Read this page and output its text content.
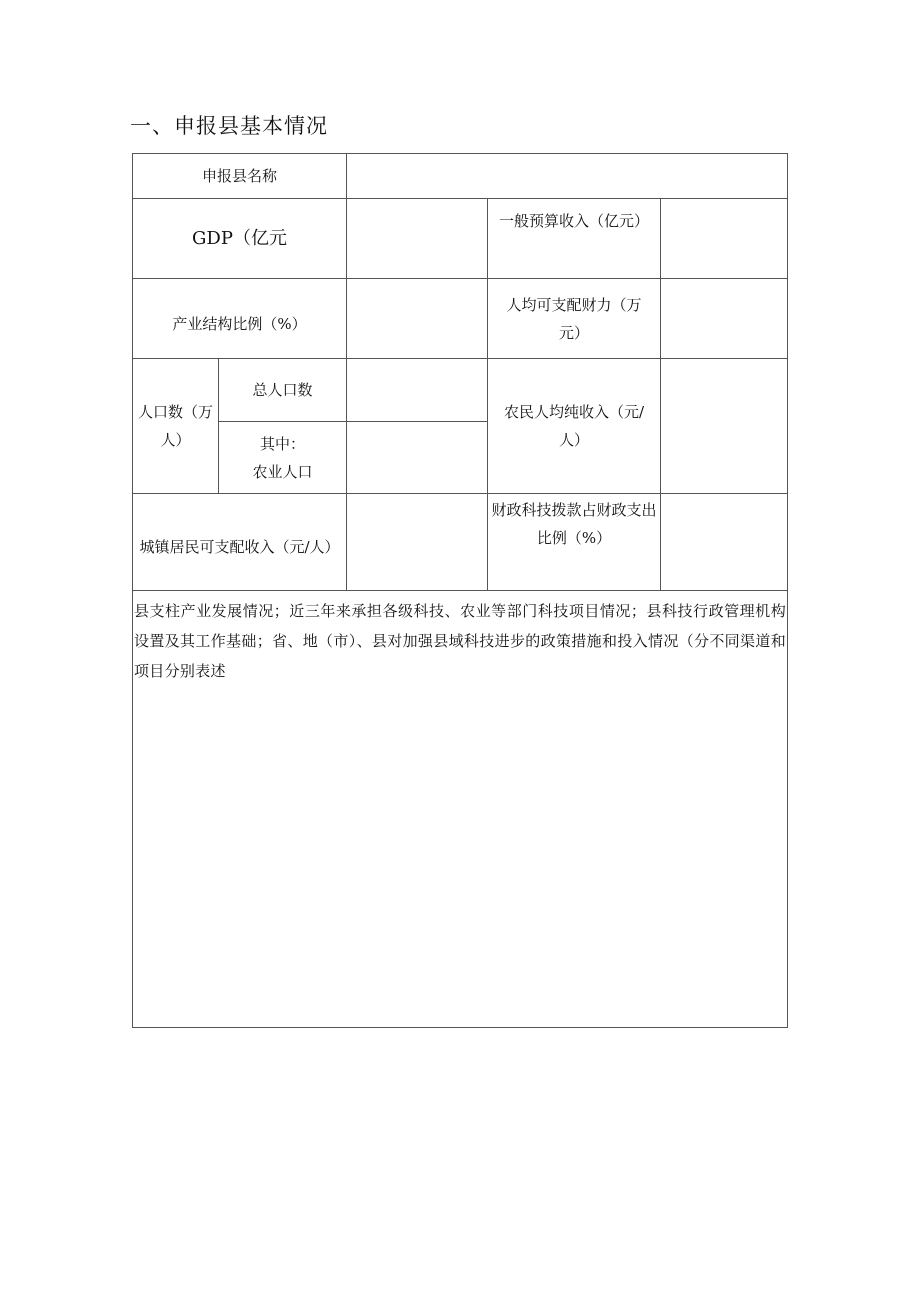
一、申报县基本情况
申报县名称
GDP（亿元
一般预算收入（亿元）
产业结构比例（%）
人均可支配财力（万元）
人口数（万人）
总人口数
其中：
农业人口
农民人均纯收入（元/人）
城镇居民可支配收入（元/人）
财政科技拨款占财政支出比例（%）
县支柱产业发展情况；近三年来承担各级科技、农业等部门科技项目情况；县科技行政管理机构设置及其工作基础；省、地（市）、县对加强县域科技进步的政策措施和投入情况（分不同渠道和项目分别表述
